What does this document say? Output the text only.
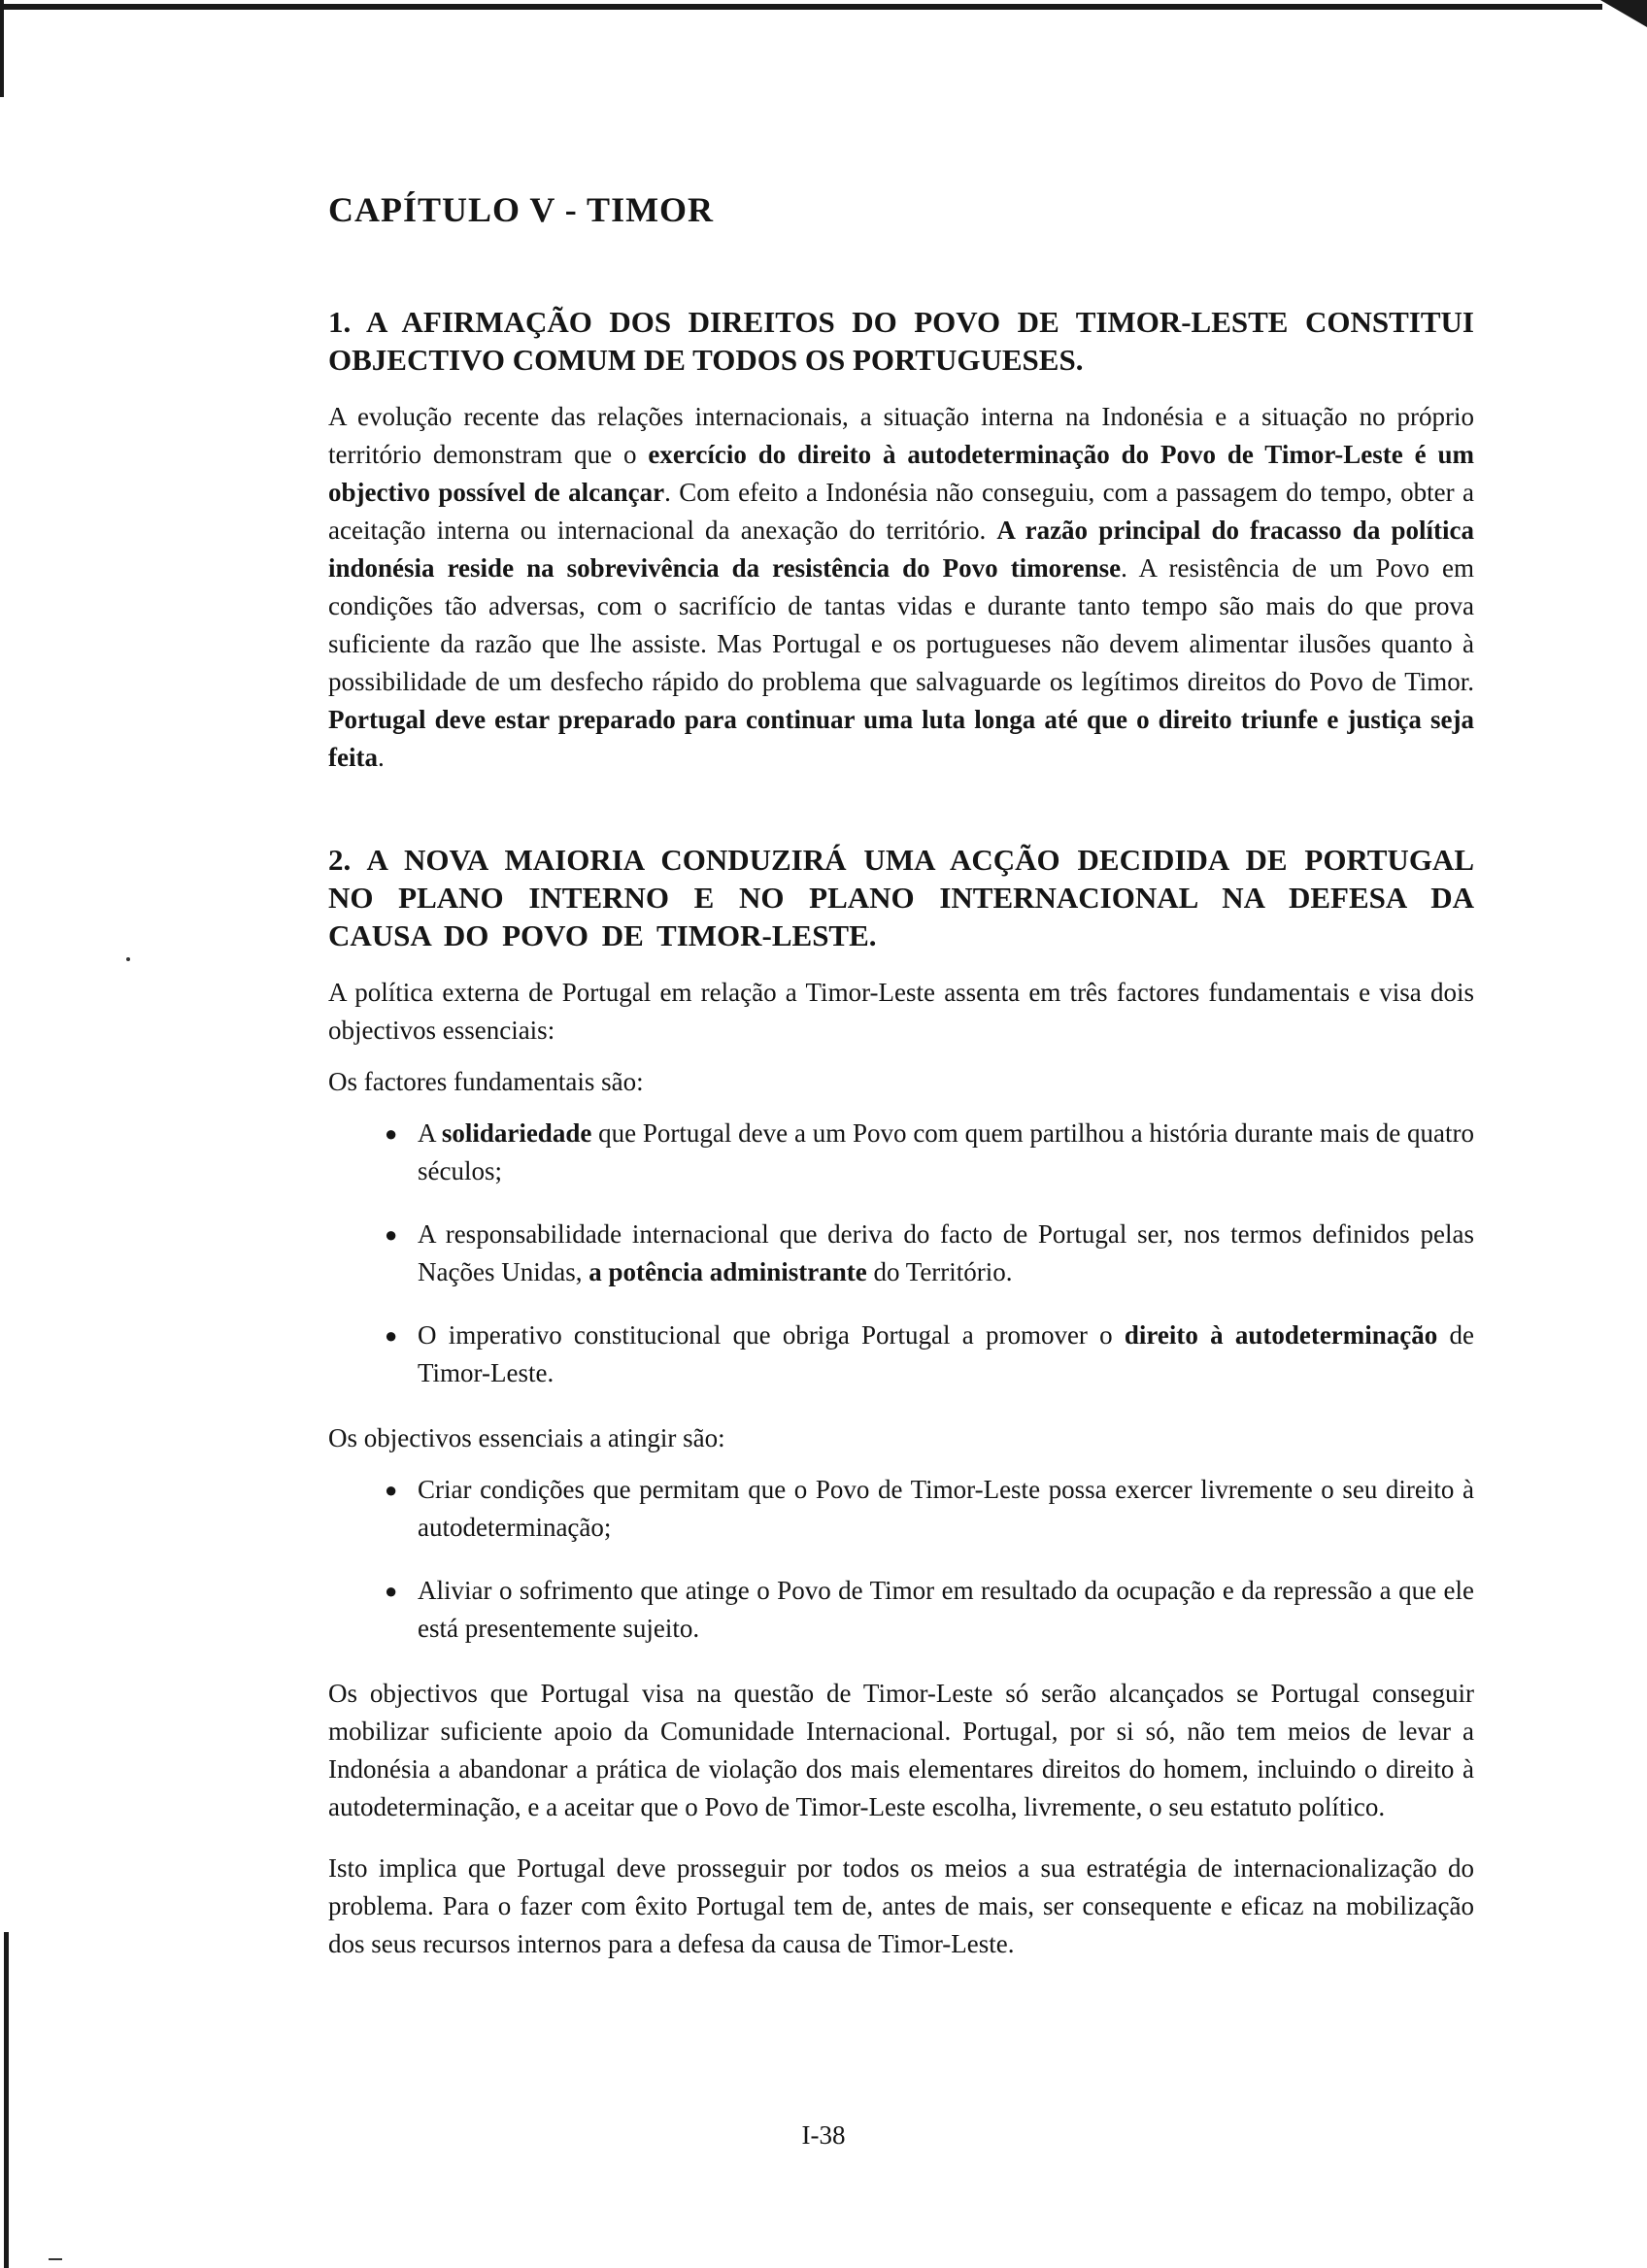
CAPÍTULO V - TIMOR
1. A AFIRMAÇÃO DOS DIREITOS DO POVO DE TIMOR-LESTE CONSTITUI OBJECTIVO COMUM DE TODOS OS PORTUGUESES.

A evolução recente das relações internacionais, a situação interna na Indonésia e a situação no próprio território demonstram que o exercício do direito à autodeterminação do Povo de Timor-Leste é um objectivo possível de alcançar. Com efeito a Indonésia não conseguiu, com a passagem do tempo, obter a aceitação interna ou internacional da anexação do território. A razão principal do fracasso da política indonésia reside na sobrevivência da resistência do Povo timorense. A resistência de um Povo em condições tão adversas, com o sacrifício de tantas vidas e durante tanto tempo são mais do que prova suficiente da razão que lhe assiste. Mas Portugal e os portugueses não devem alimentar ilusões quanto à possibilidade de um desfecho rápido do problema que salvaguarde os legítimos direitos do Povo de Timor. Portugal deve estar preparado para continuar uma luta longa até que o direito triunfe e justiça seja feita.

2. A NOVA MAIORIA CONDUZIRÁ UMA ACÇÃO DECIDIDA DE PORTUGAL NO PLANO INTERNO E NO PLANO INTERNACIONAL NA DEFESA DA CAUSA DO POVO DE TIMOR-LESTE.

A política externa de Portugal em relação a Timor-Leste assenta em três factores fundamentais e visa dois objectivos essenciais:

Os factores fundamentais são:

● A solidariedade que Portugal deve a um Povo com quem partilhou a história durante mais de quatro séculos;
● A responsabilidade internacional que deriva do facto de Portugal ser, nos termos definidos pelas Nações Unidas, a potência administrante do Território.
● O imperativo constitucional que obriga Portugal a promover o direito à autodeterminação de Timor-Leste.

Os objectivos essenciais a atingir são:

● Criar condições que permitam que o Povo de Timor-Leste possa exercer livremente o seu direito à autodeterminação;
● Aliviar o sofrimento que atinge o Povo de Timor em resultado da ocupação e da repressão a que ele está presentemente sujeito.

Os objectivos que Portugal visa na questão de Timor-Leste só serão alcançados se Portugal conseguir mobilizar suficiente apoio da Comunidade Internacional. Portugal, por si só, não tem meios de levar a Indonésia a abandonar a prática de violação dos mais elementares direitos do homem, incluindo o direito à autodeterminação, e a aceitar que o Povo de Timor-Leste escolha, livremente, o seu estatuto político.

Isto implica que Portugal deve prosseguir por todos os meios a sua estratégia de internacionalização do problema. Para o fazer com êxito Portugal tem de, antes de mais, ser consequente e eficaz na mobilização dos seus recursos internos para a defesa da causa de Timor-Leste.

I-38
